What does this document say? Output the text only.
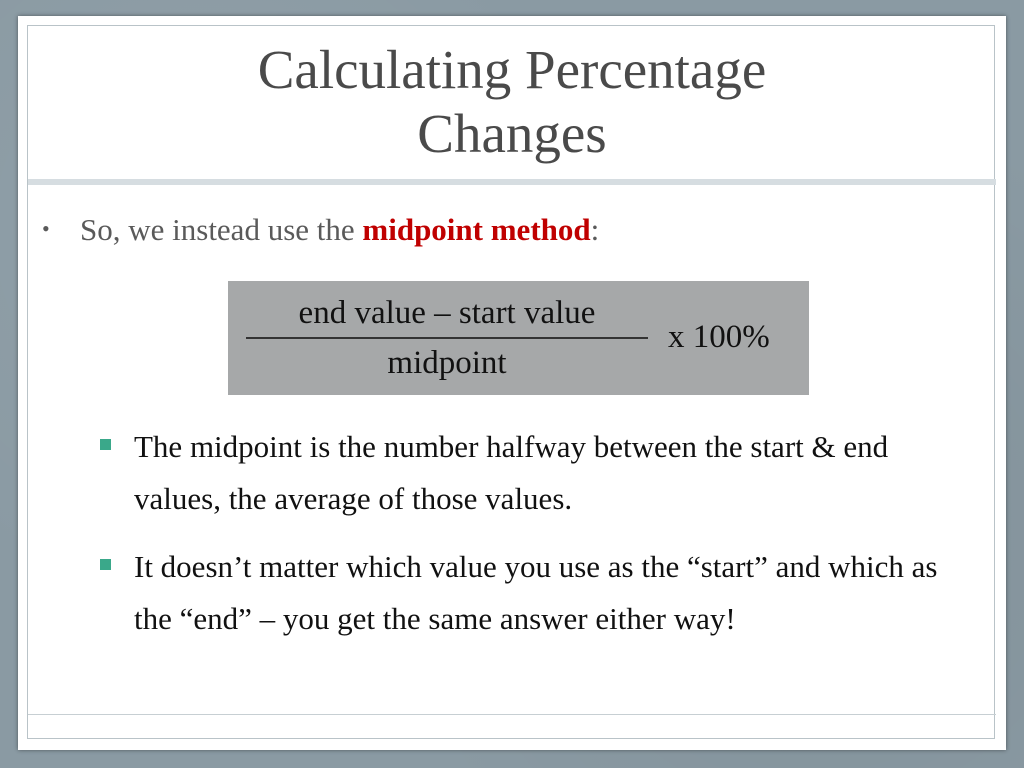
Calculating Percentage
Changes
• So, we instead use the midpoint method:
end value – start value
midpoint
x 100%
The midpoint is the number halfway between the start & end values, the average of those values.
It doesn’t matter which value you use as the “start” and which as the “end” – you get the same answer either way!
